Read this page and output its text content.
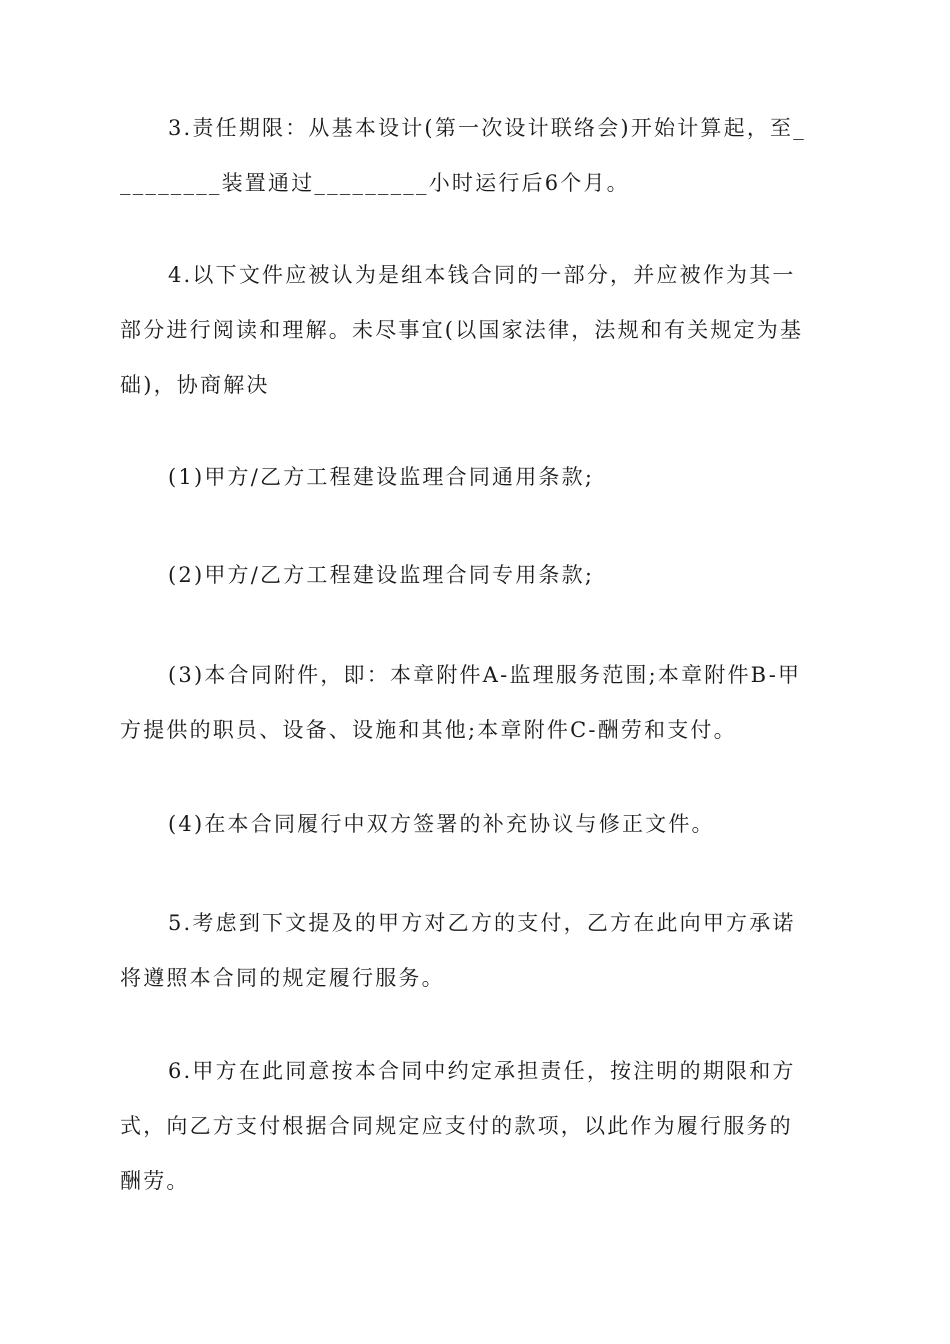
3.责任期限：从基本设计(第一次设计联络会)开始计算起，至_
________装置通过_________小时运行后6个月。
4.以下文件应被认为是组本钱合同的一部分，并应被作为其一
部分进行阅读和理解。未尽事宜(以国家法律，法规和有关规定为基
础)，协商解决
(1)甲方/乙方工程建设监理合同通用条款;
(2)甲方/乙方工程建设监理合同专用条款;
(3)本合同附件，即：本章附件A-监理服务范围;本章附件B-甲
方提供的职员、设备、设施和其他;本章附件C-酬劳和支付。
(4)在本合同履行中双方签署的补充协议与修正文件。
5.考虑到下文提及的甲方对乙方的支付，乙方在此向甲方承诺
将遵照本合同的规定履行服务。
6.甲方在此同意按本合同中约定承担责任，按注明的期限和方
式，向乙方支付根据合同规定应支付的款项，以此作为履行服务的
酬劳。
